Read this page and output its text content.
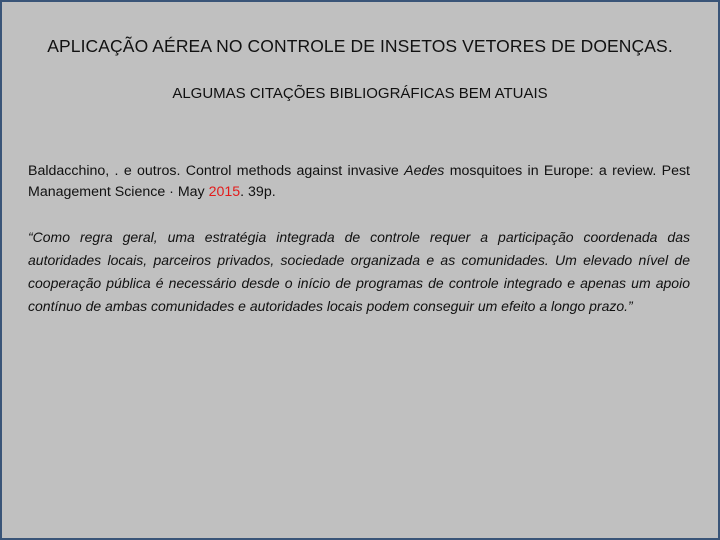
APLICAÇÃO AÉREA NO CONTROLE DE INSETOS VETORES DE DOENÇAS.
ALGUMAS CITAÇÕES BIBLIOGRÁFICAS BEM ATUAIS
Baldacchino, . e outros. Control methods against invasive Aedes mosquitoes in Europe: a review. Pest Management Science · May 2015. 39p.
“Como regra geral, uma estratégia integrada de controle requer a participação coordenada das autoridades locais, parceiros privados, sociedade organizada e as comunidades. Um elevado nível de cooperação pública é necessário desde o início de programas de controle integrado e apenas um apoio contínuo de ambas comunidades e autoridades locais podem conseguir um efeito a longo prazo.”
